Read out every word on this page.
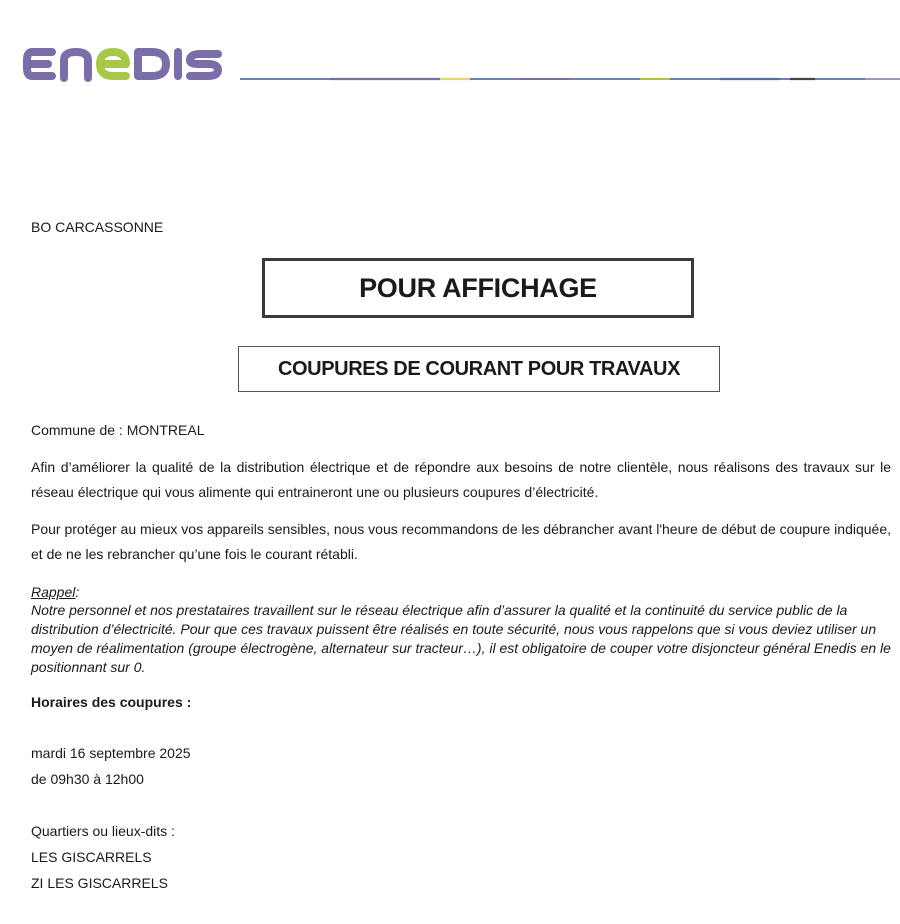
BO CARCASSONNE

POUR AFFICHAGE
COUPURES DE COURANT POUR TRAVAUX

Commune de : MONTREAL

Afin d’améliorer la qualité de la distribution électrique et de répondre aux besoins de notre clientèle, nous réalisons des travaux sur le réseau électrique qui vous alimente qui entraineront une ou plusieurs coupures d’électricité.

Pour protéger au mieux vos appareils sensibles, nous vous recommandons de les débrancher avant l'heure de début de coupure indiquée, et de ne les rebrancher qu’une fois le courant rétabli.

Rappel:

Notre personnel et nos prestataires travaillent sur le réseau électrique afin d’assurer la qualité et la continuité du service public de la distribution d’électricité. Pour que ces travaux puissent être réalisés en toute sécurité, nous vous rappelons que si vous deviez utiliser un moyen de réalimentation (groupe électrogène, alternateur sur tracteur…), il est obligatoire de couper votre disjoncteur général Enedis en le positionnant sur 0.

Horaires des coupures :

mardi 16 septembre 2025

de 09h30 à 12h00

Quartiers ou lieux-dits :

LES GISCARRELS

ZI LES GISCARRELS
